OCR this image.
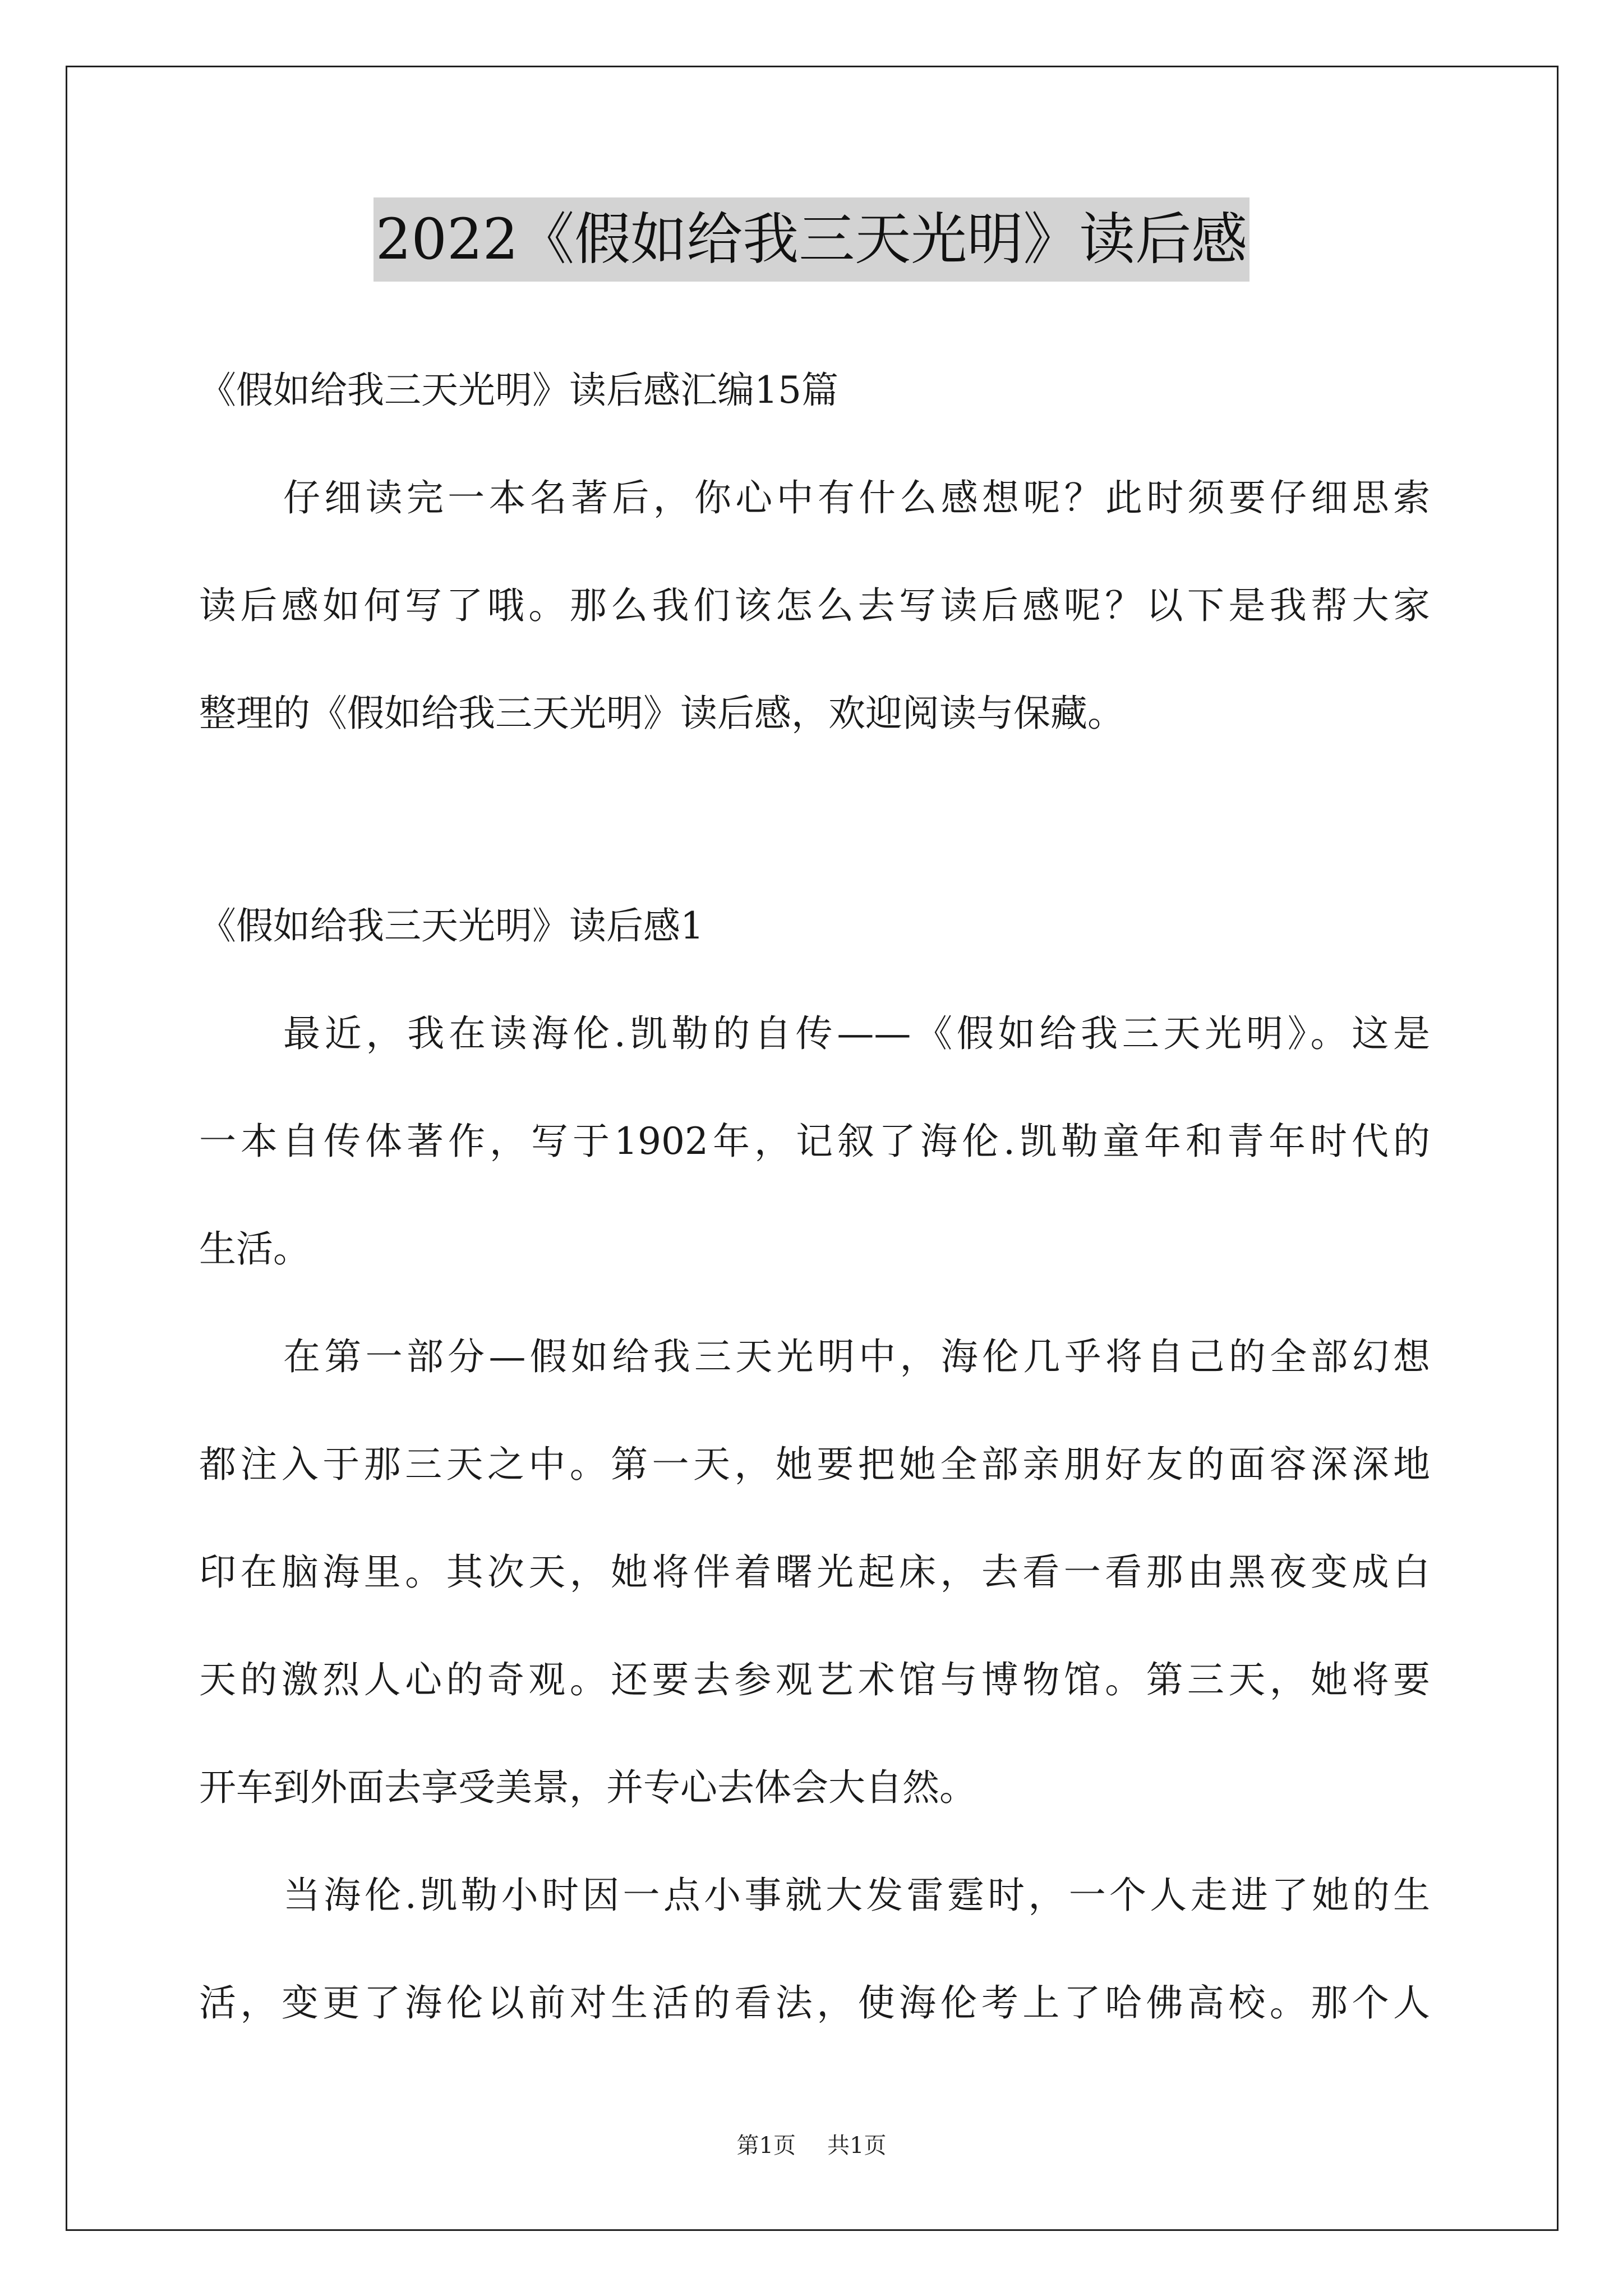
2022《假如给我三天光明》读后感
《假如给我三天光明》读后感汇编15篇
仔细读完一本名著后，你心中有什么感想呢？此时须要仔细思索
读后感如何写了哦。那么我们该怎么去写读后感呢？以下是我帮大家
整理的《假如给我三天光明》读后感，欢迎阅读与保藏。
《假如给我三天光明》读后感1
最近，我在读海伦.凯勒的自传——《假如给我三天光明》。这是
一本自传体著作，写于1902年，记叙了海伦.凯勒童年和青年时代的
生活。
在第一部分—假如给我三天光明中，海伦几乎将自己的全部幻想
都注入于那三天之中。第一天，她要把她全部亲朋好友的面容深深地
印在脑海里。其次天，她将伴着曙光起床，去看一看那由黑夜变成白
天的激烈人心的奇观。还要去参观艺术馆与博物馆。第三天，她将要
开车到外面去享受美景，并专心去体会大自然。
当海伦.凯勒小时因一点小事就大发雷霆时，一个人走进了她的生
活，变更了海伦以前对生活的看法，使海伦考上了哈佛高校。那个人
第1页 共1页
